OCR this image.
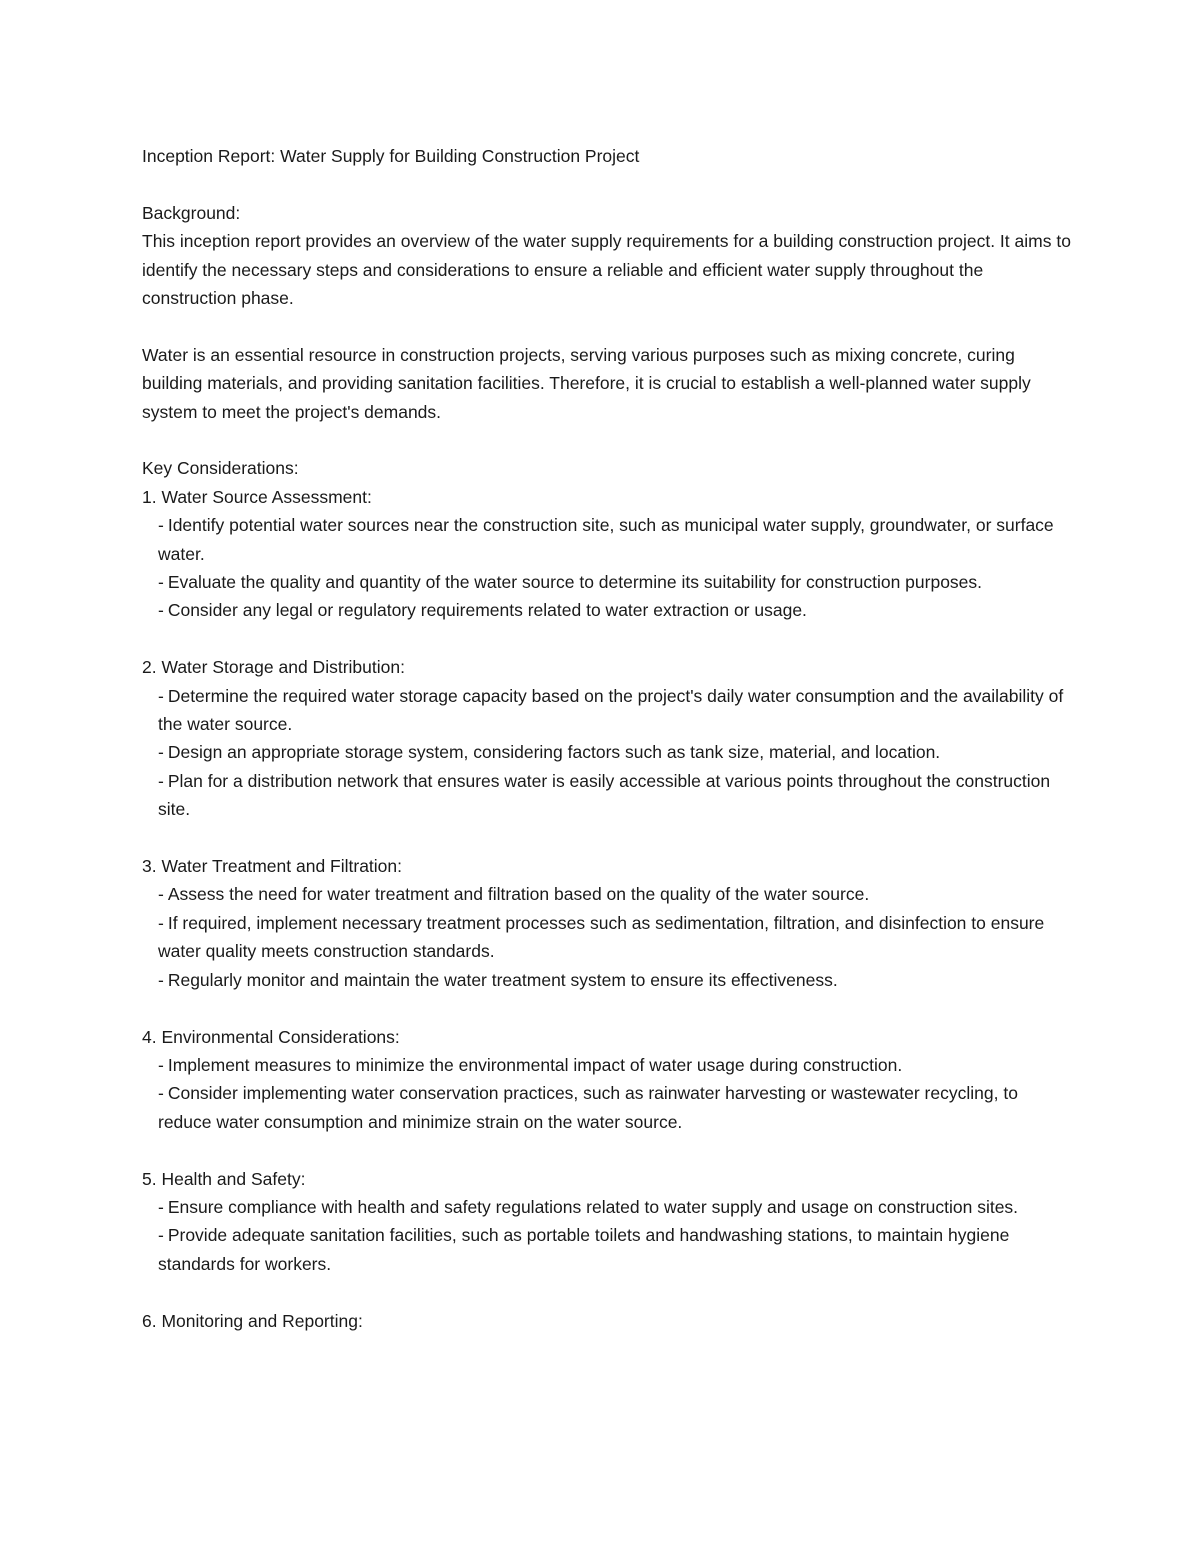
Inception Report: Water Supply for Building Construction Project

Background:

This inception report provides an overview of the water supply requirements for a building construction project. It aims to identify the necessary steps and considerations to ensure a reliable and efficient water supply throughout the construction phase.

Water is an essential resource in construction projects, serving various purposes such as mixing concrete, curing building materials, and providing sanitation facilities. Therefore, it is crucial to establish a well-planned water supply system to meet the project's demands.

Key Considerations:

1. Water Source Assessment:

- Identify potential water sources near the construction site, such as municipal water supply, groundwater, or surface water.

- Evaluate the quality and quantity of the water source to determine its suitability for construction purposes.

- Consider any legal or regulatory requirements related to water extraction or usage.

2. Water Storage and Distribution:

- Determine the required water storage capacity based on the project's daily water consumption and the availability of the water source.

- Design an appropriate storage system, considering factors such as tank size, material, and location.

- Plan for a distribution network that ensures water is easily accessible at various points throughout the construction site.

3. Water Treatment and Filtration:

- Assess the need for water treatment and filtration based on the quality of the water source.

- If required, implement necessary treatment processes such as sedimentation, filtration, and disinfection to ensure water quality meets construction standards.

- Regularly monitor and maintain the water treatment system to ensure its effectiveness.

4. Environmental Considerations:

- Implement measures to minimize the environmental impact of water usage during construction.

- Consider implementing water conservation practices, such as rainwater harvesting or wastewater recycling, to reduce water consumption and minimize strain on the water source.

5. Health and Safety:

- Ensure compliance with health and safety regulations related to water supply and usage on construction sites.

- Provide adequate sanitation facilities, such as portable toilets and handwashing stations, to maintain hygiene standards for workers.

6. Monitoring and Reporting:
